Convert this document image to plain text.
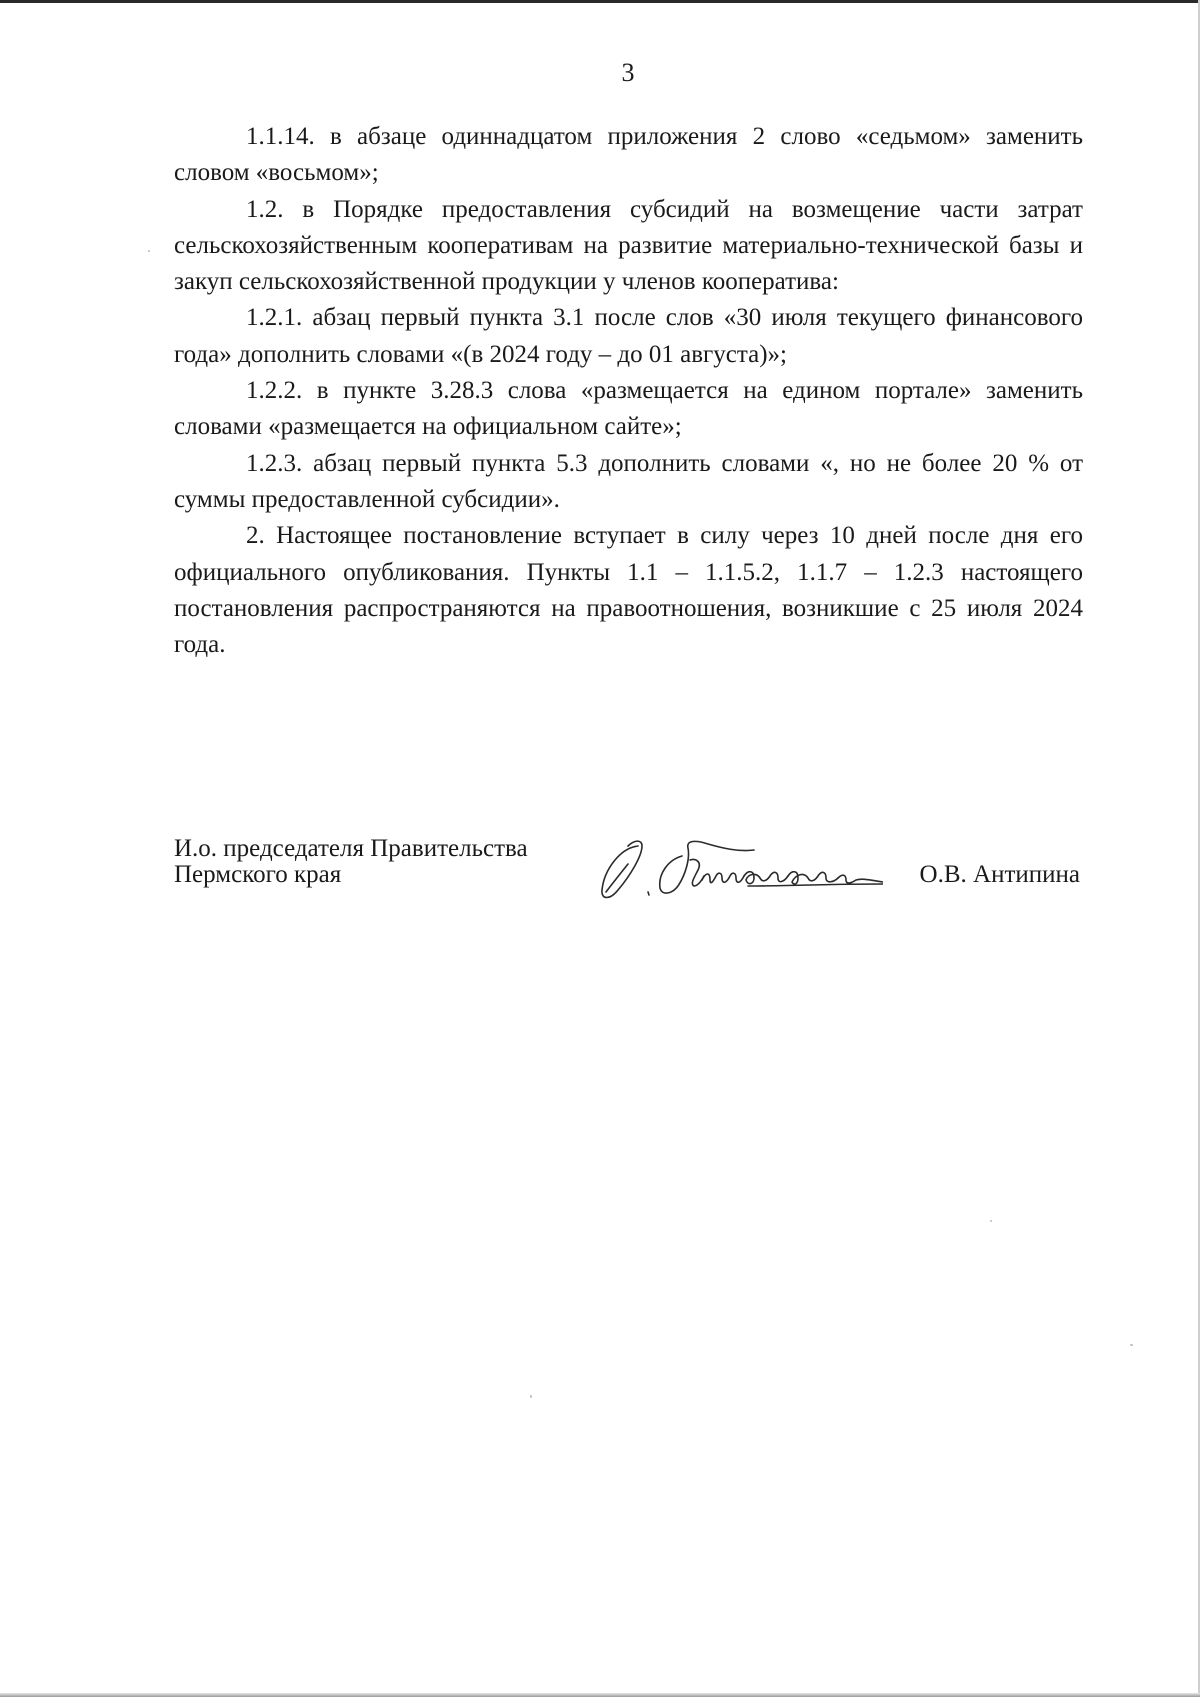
3

1.1.14. в абзаце одиннадцатом приложения 2 слово «седьмом» заменить словом «восьмом»;

1.2. в Порядке предоставления субсидий на возмещение части затрат сельскохозяйственным кооперативам на развитие материально-технической базы и закуп сельскохозяйственной продукции у членов кооператива:

1.2.1. абзац первый пункта 3.1 после слов «30 июля текущего финансового года» дополнить словами «(в 2024 году – до 01 августа)»;

1.2.2. в пункте 3.28.3 слова «размещается на едином портале» заменить словами «размещается на официальном сайте»;

1.2.3. абзац первый пункта 5.3 дополнить словами «, но не более 20 % от суммы предоставленной субсидии».

2. Настоящее постановление вступает в силу через 10 дней после дня его официального опубликования. Пункты 1.1 – 1.1.5.2, 1.1.7 – 1.2.3 настоящего постановления распространяются на правоотношения, возникшие с 25 июля 2024 года.

И.о. председателя Правительства
Пермского края	О.В. Антипина
